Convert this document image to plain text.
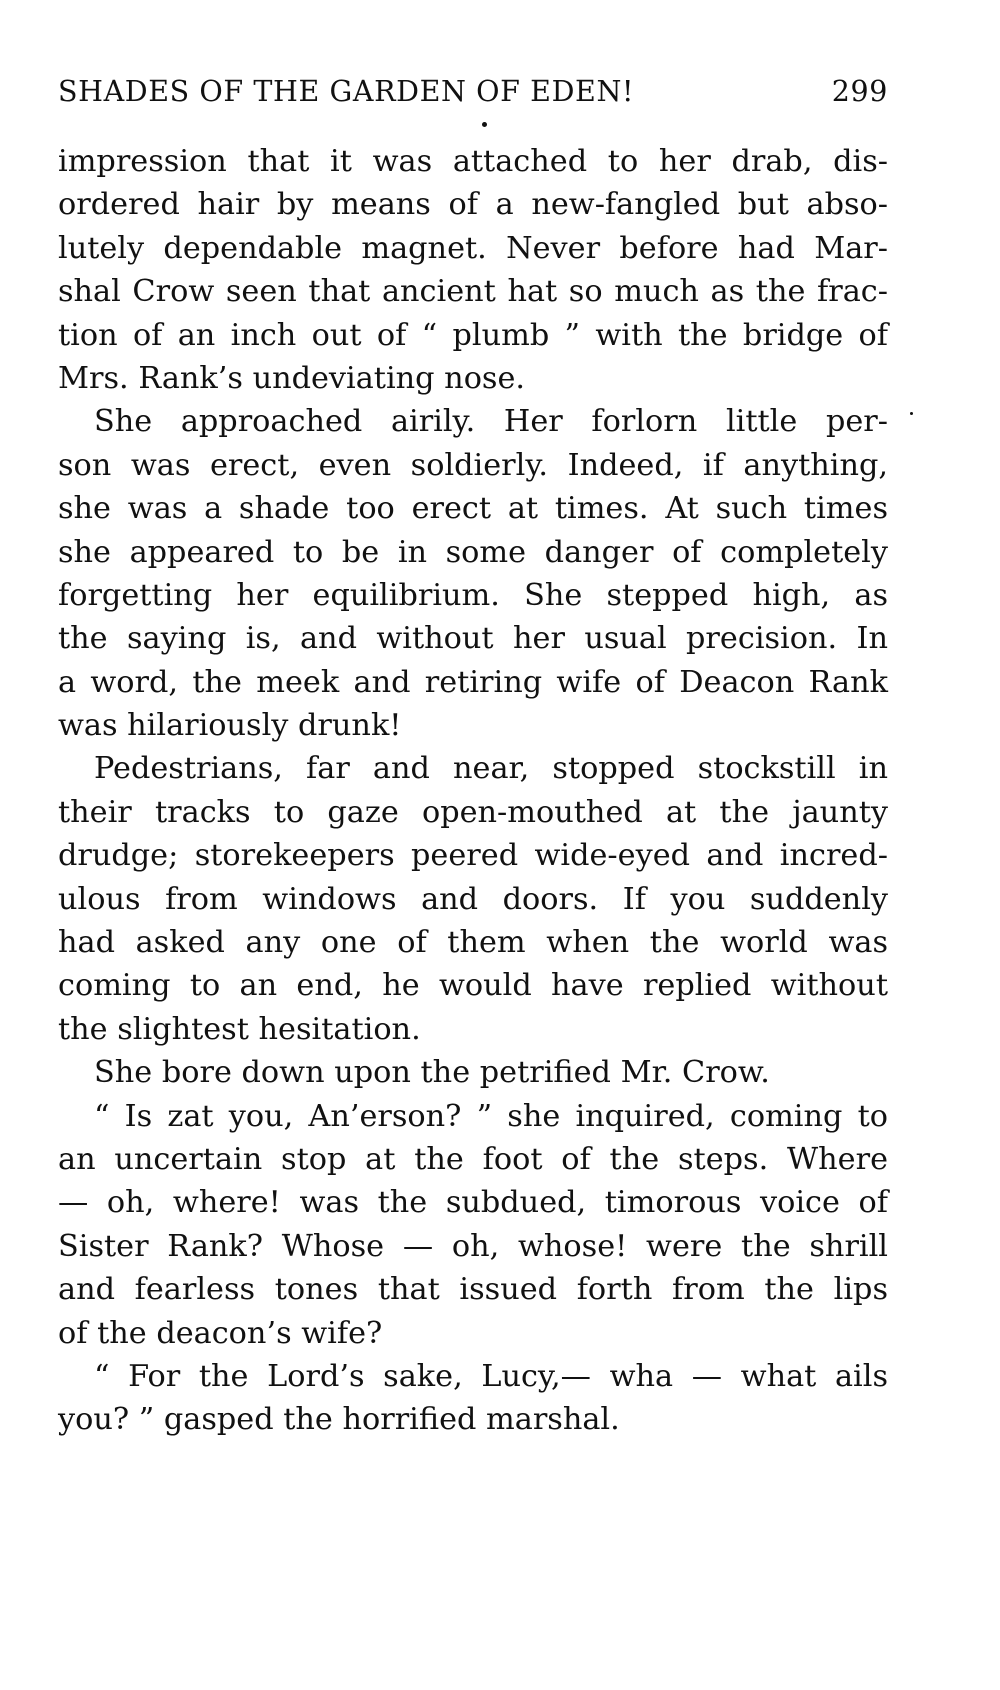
SHADES OF THE GARDEN OF EDEN!	299
impression that it was attached to her drab, dis-
ordered hair by means of a new-fangled but abso-
lutely dependable magnet. Never before had Mar-
shal Crow seen that ancient hat so much as the frac-
tion of an inch out of “ plumb ” with the bridge of
Mrs. Rank’s undeviating nose.
She approached airily. Her forlorn little per-
son was erect, even soldierly. Indeed, if anything,
she was a shade too erect at times. At such times
she appeared to be in some danger of completely
forgetting her equilibrium. She stepped high, as
the saying is, and without her usual precision. In
a word, the meek and retiring wife of Deacon Rank
was hilariously drunk!
Pedestrians, far and near, stopped stockstill in
their tracks to gaze open-mouthed at the jaunty
drudge; storekeepers peered wide-eyed and incred-
ulous from windows and doors. If you suddenly
had asked any one of them when the world was
coming to an end, he would have replied without
the slightest hesitation.
She bore down upon the petrified Mr. Crow.
“ Is zat you, An’erson? ” she inquired, coming to
an uncertain stop at the foot of the steps. Where
— oh, where! was the subdued, timorous voice of
Sister Rank? Whose — oh, whose! were the shrill
and fearless tones that issued forth from the lips
of the deacon’s wife?
“ For the Lord’s sake, Lucy,— wha — what ails
you? ” gasped the horrified marshal.
